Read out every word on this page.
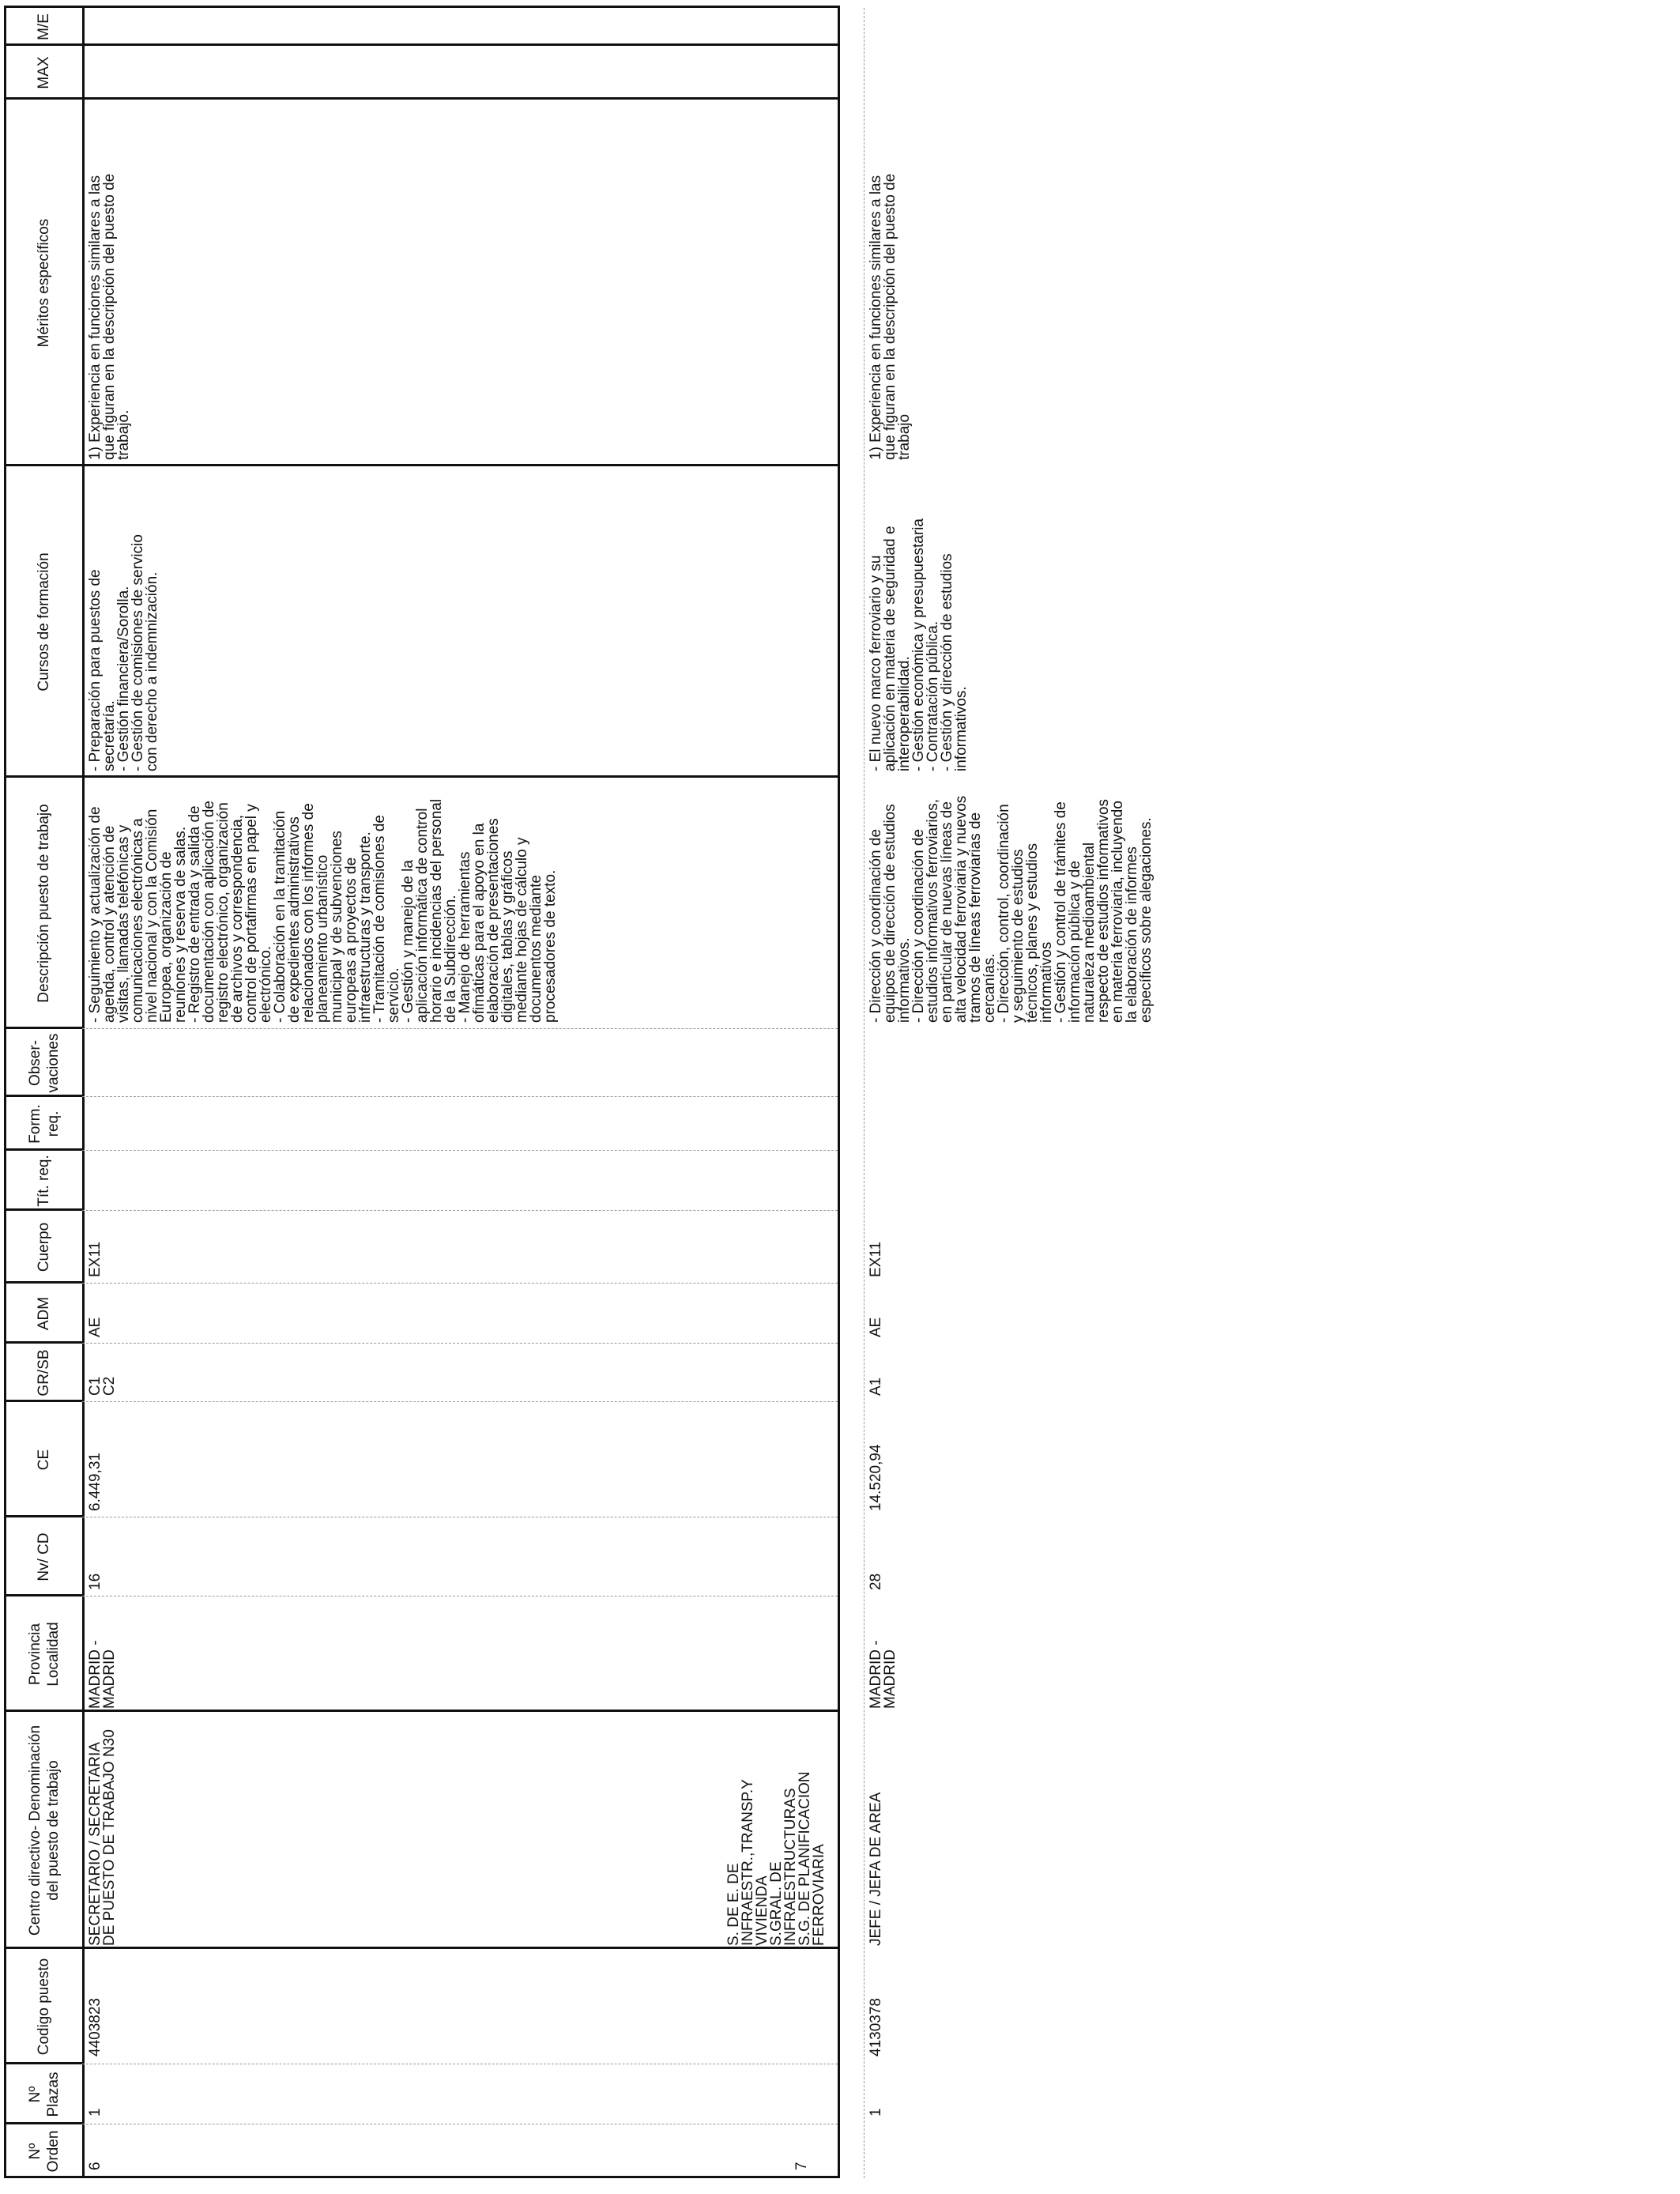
Nº Orden
Nº Plazas
Codigo puesto
Centro directivo- Denominación del puesto de trabajo
Provincia Localidad
Nv/ CD
CE
GR/SB
ADM
Cuerpo
Tít. req.
Form. req.
Obser- vaciones
Descripción puesto de trabajo
Cursos de formación
Méritos específicos
MAX
M/E
6
1
4403823
SECRETARIO / SECRETARIA
DE PUESTO DE TRABAJO N30
MADRID -
MADRID
16
6.449,31
C1
C2
AE
EX11
- Seguimiento y actualización de
agenda, control y atención de
visitas, llamadas telefónicas y
comunicaciones electrónicas a
nivel nacional y con la Comisión
Europea, organización de
reuniones y reserva de salas.
- Registro de entrada y salida de
documentación con aplicación de
registro electrónico, organización
de archivos y correspondencia,
control de portafirmas en papel y
electrónico.
- Colaboración en la tramitación
de expedientes administrativos
relacionados con los informes de
planeamiento urbanístico
municipal y de subvenciones
europeas a proyectos de
infraestructuras y transporte.
- Tramitación de comisiones de
servicio.
- Gestión y manejo de la
aplicación informática de control
horario e incidencias del personal
de la Subdirección.
- Manejo de herramientas
ofimáticas para el apoyo en la
elaboración de presentaciones
digitales, tablas y gráficos
mediante hojas de cálculo y
documentos mediante
procesadores de texto.
- Preparación para puestos de
secretaría.
- Gestión financiera/Sorolla.
- Gestión de comisiones de servicio
con derecho a indemnización.
1) Experiencia en funciones similares a las
que figuran en la descripción del puesto de
trabajo.
S. DE E. DE
INFRAESTR.,TRANSP.Y
VIVIENDA
S.GRAL. DE
INFRAESTRUCTURAS
S.G. DE PLANIFICACION
FERROVIARIA
7
1
4130378
JEFE / JEFA DE AREA
MADRID -
MADRID
28
14.520,94
A1
AE
EX11
- Dirección y coordinación de
equipos de dirección de estudios
informativos.
- Dirección y coordinación de
estudios informativos ferroviarios,
en particular de nuevas líneas de
alta velocidad ferroviaria y nuevos
tramos de líneas ferroviarias de
cercanías.
- Dirección, control, coordinación
y seguimiento de estudios
técnicos, planes y estudios
informativos
- Gestión y control de trámites de
información pública y de
naturaleza medioambiental
respecto de estudios informativos
en materia ferroviaria, incluyendo
la elaboración de informes
específicos sobre alegaciones.
- El nuevo marco ferroviario y su
aplicación en materia de seguridad e
interoperabilidad.
- Gestión económica y presupuestaria
- Contratación pública.
- Gestión y dirección de estudios
informativos.
1) Experiencia en funciones similares a las
que figuran en la descripción del puesto de
trabajo
